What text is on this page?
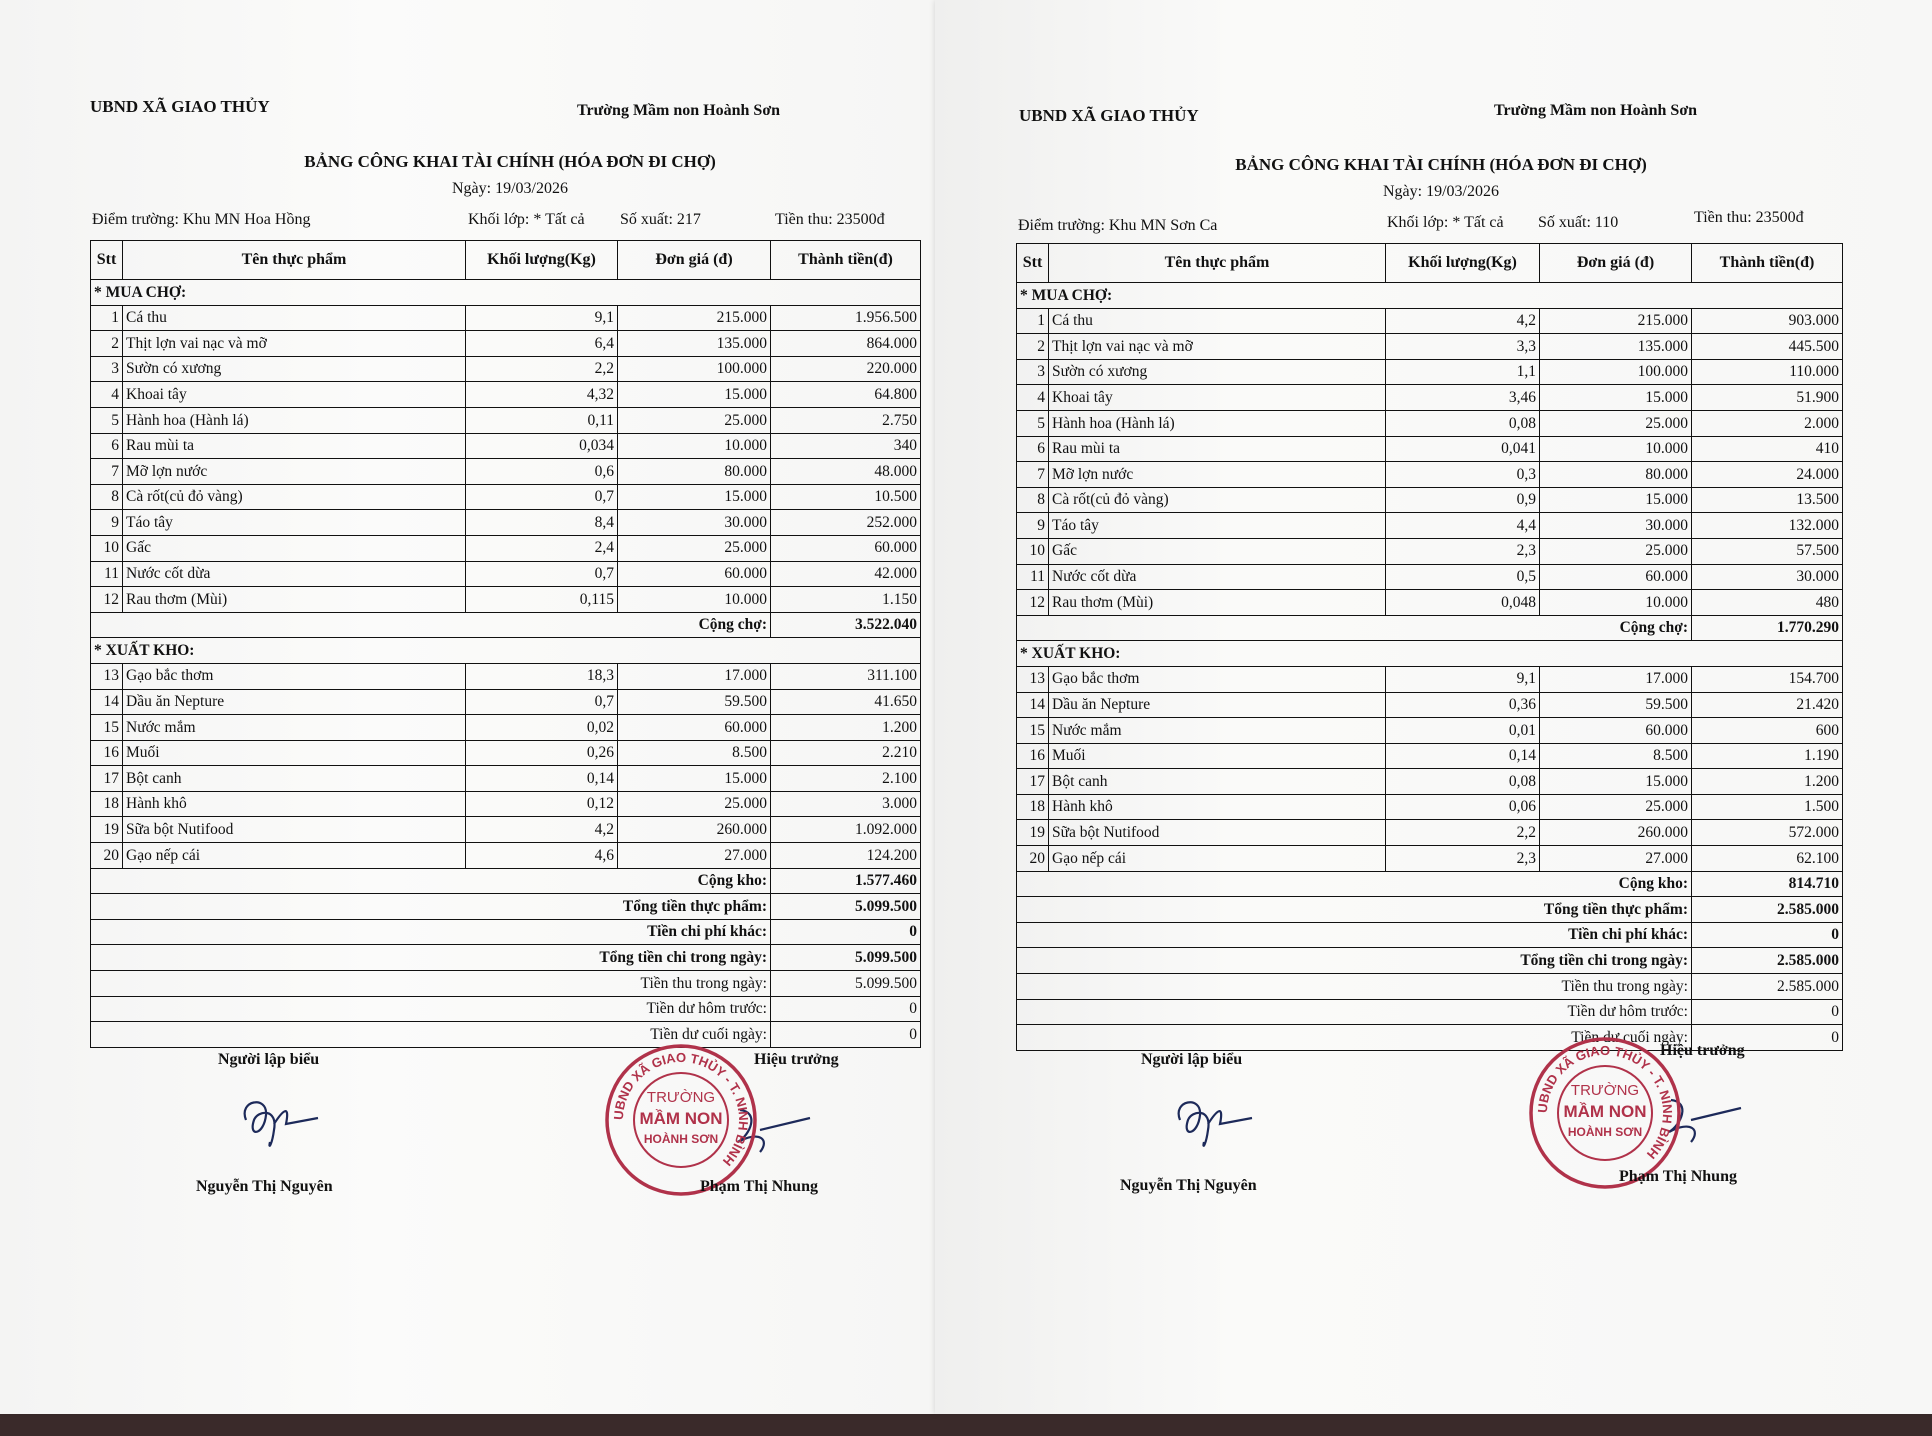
UBND XÃ GIAO THỦY	Trường Mầm non Hoành Sơn
BẢNG CÔNG KHAI TÀI CHÍNH (HÓA ĐƠN ĐI CHỢ)
Ngày: 19/03/2026
Điểm trường: Khu MN Hoa Hồng	Khối lớp: * Tất cả Số xuất: 217	Tiền thu: 23500đ
Stt	Tên thực phẩm	Khối lượng(Kg)	Đơn giá (đ)	Thành tiền(đ)
* MUA CHỢ:				
1	Cá thu	9,1	215.000	1.956.500
2	Thịt lợn vai nạc và mỡ	6,4	135.000	864.000
3	Sườn có xương	2,2	100.000	220.000
4	Khoai tây	4,32	15.000	64.800
5	Hành hoa (Hành lá)	0,11	25.000	2.750
6	Rau mùi ta	0,034	10.000	340
7	Mỡ lợn nước	0,6	80.000	48.000
8	Cà rốt(củ đỏ vàng)	0,7	15.000	10.500
9	Táo tây	8,4	30.000	252.000
10	Gấc	2,4	25.000	60.000
11	Nước cốt dừa	0,7	60.000	42.000
12	Rau thơm (Mùi)	0,115	10.000	1.150
Cộng chợ:				3.522.040
* XUẤT KHO:				
13	Gạo bắc thơm	18,3	17.000	311.100
14	Dầu ăn Nepture	0,7	59.500	41.650
15	Nước mắm	0,02	60.000	1.200
16	Muối	0,26	8.500	2.210
17	Bột canh	0,14	15.000	2.100
18	Hành khô	0,12	25.000	3.000
19	Sữa bột Nutifood	4,2	260.000	1.092.000
20	Gạo nếp cái	4,6	27.000	124.200
Cộng kho:				1.577.460
Tổng tiền thực phẩm:				5.099.500
Tiền chi phí khác:				0
Tổng tiền chi trong ngày:				5.099.500
Tiền thu trong ngày:				5.099.500
Tiền dư hôm trước:				0
Tiền dư cuối ngày:				0
Người lập biểu	Hiệu trưởng
UBND XÃ GIAO THỦY - T. NINH BÌNH
TRƯỜNG
MẦM NON
HOÀNH SƠN
Nguyễn Thị Nguyên	Phạm Thị Nhung
UBND XÃ GIAO THỦY	Trường Mầm non Hoành Sơn
BẢNG CÔNG KHAI TÀI CHÍNH (HÓA ĐƠN ĐI CHỢ)
Ngày: 19/03/2026
Điểm trường: Khu MN Sơn Ca	Khối lớp: * Tất cả Số xuất: 110	Tiền thu: 23500đ
Stt	Tên thực phẩm	Khối lượng(Kg)	Đơn giá (đ)	Thành tiền(đ)
* MUA CHỢ:				
1	Cá thu	4,2	215.000	903.000
2	Thịt lợn vai nạc và mỡ	3,3	135.000	445.500
3	Sườn có xương	1,1	100.000	110.000
4	Khoai tây	3,46	15.000	51.900
5	Hành hoa (Hành lá)	0,08	25.000	2.000
6	Rau mùi ta	0,041	10.000	410
7	Mỡ lợn nước	0,3	80.000	24.000
8	Cà rốt(củ đỏ vàng)	0,9	15.000	13.500
9	Táo tây	4,4	30.000	132.000
10	Gấc	2,3	25.000	57.500
11	Nước cốt dừa	0,5	60.000	30.000
12	Rau thơm (Mùi)	0,048	10.000	480
Cộng chợ:				1.770.290
* XUẤT KHO:				
13	Gạo bắc thơm	9,1	17.000	154.700
14	Dầu ăn Nepture	0,36	59.500	21.420
15	Nước mắm	0,01	60.000	600
16	Muối	0,14	8.500	1.190
17	Bột canh	0,08	15.000	1.200
18	Hành khô	0,06	25.000	1.500
19	Sữa bột Nutifood	2,2	260.000	572.000
20	Gạo nếp cái	2,3	27.000	62.100
Cộng kho:				814.710
Tổng tiền thực phẩm:				2.585.000
Tiền chi phí khác:				0
Tổng tiền chi trong ngày:				2.585.000
Tiền thu trong ngày:				2.585.000
Tiền dư hôm trước:				0
Tiền dư cuối ngày:				0
Người lập biểu
Hiệu trưởng
UBND XÃ GIAO THỦY - T. NINH BÌNH
TRƯỜNG
MẦM NON
HOÀNH SƠN
Nguyễn Thị Nguyên
Phạm Thị Nhung
